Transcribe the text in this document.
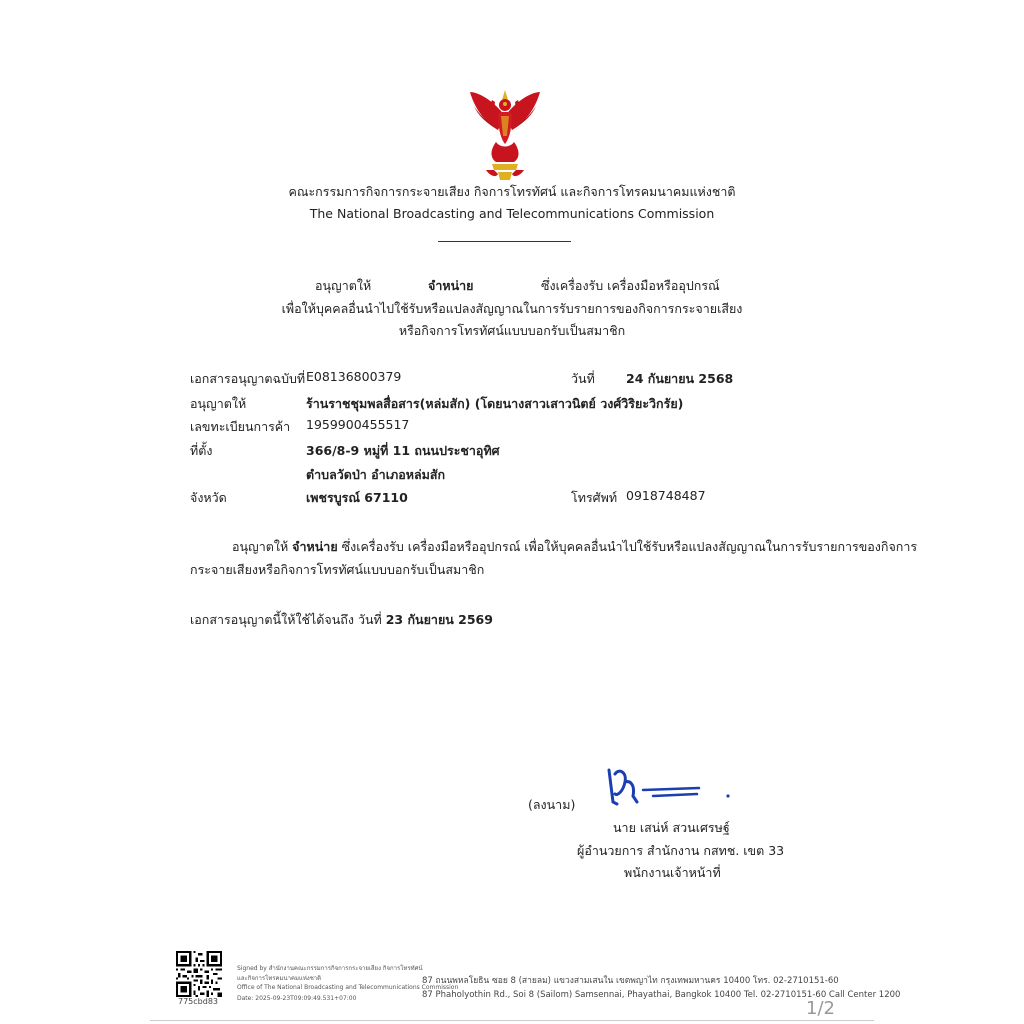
คณะกรรมการกิจการกระจายเสียง กิจการโทรทัศน์ และกิจการโทรคมนาคมแห่งชาติ
The National Broadcasting and Telecommunications Commission
อนุญาตให้	จำหน่าย	ซึ่งเครื่องรับ เครื่องมือหรืออุปกรณ์
เพื่อให้บุคคลอื่นนำไปใช้รับหรือแปลงสัญญาณในการรับรายการของกิจการกระจายเสียง
หรือกิจการโทรทัศน์แบบบอกรับเป็นสมาชิก
เอกสารอนุญาตฉบับที่ E08136800379	วันที่ 24 กันยายน 2568
อนุญาตให้	ร้านราชชุมพลสื่อสาร(หล่มสัก) (โดยนางสาวเสาวนิตย์ วงศ์วิริยะวิกรัย)
เลขทะเบียนการค้า 1959900455517
ที่ตั้ง	366/8-9 หมู่ที่ 11 ถนนประชาอุทิศ
ตำบลวัดป่า อำเภอหล่มสัก
จังหวัด	เพชรบูรณ์ 67110	โทรศัพท์ 0918748487
อนุญาตให้ จำหน่าย ซึ่งเครื่องรับ เครื่องมือหรืออุปกรณ์ เพื่อให้บุคคลอื่นนำไปใช้รับหรือแปลงสัญญาณในการรับรายการของกิจการ
กระจายเสียงหรือกิจการโทรทัศน์แบบบอกรับเป็นสมาชิก
เอกสารอนุญาตนี้ให้ใช้ได้จนถึง วันที่ 23 กันยายน 2569
(ลงนาม)
นาย เสน่ห์ สวนเศรษฐ์
ผู้อำนวยการ สำนักงาน กสทช. เขต 33
พนักงานเจ้าหน้าที่
775cbd83
Signed by สำนักงานคณะกรรมการกิจการกระจายเสียง กิจการโทรทัศน์
และกิจการโทรคมนาคมแห่งชาติ
Office of The National Broadcasting and Telecommunications Commission
Date: 2025-09-23T09:09:49.531+07:00
87 ถนนพหลโยธิน ซอย 8 (สายลม) แขวงสามเสนใน เขตพญาไท กรุงเทพมหานคร 10400 โทร. 02-2710151-60
87 Phaholyothin Rd., Soi 8 (Sailom) Samsennai, Phayathai, Bangkok 10400 Tel. 02-2710151-60 Call Center 1200
1/2
